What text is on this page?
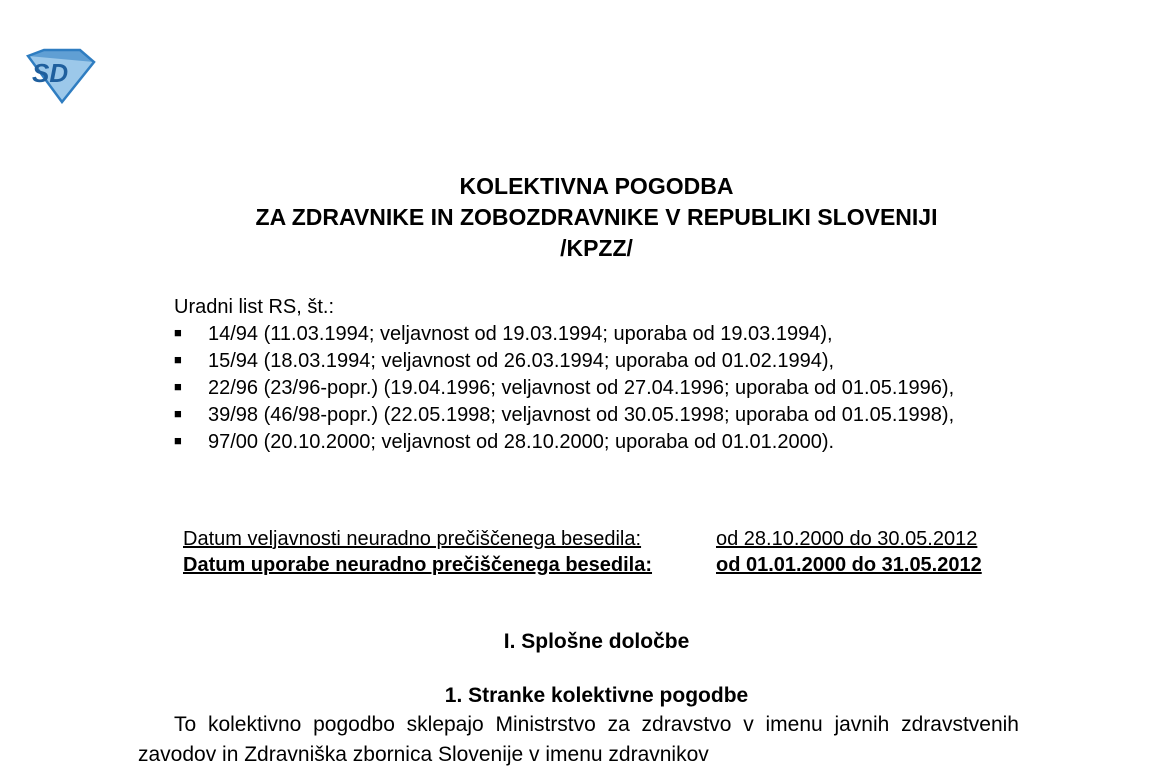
SD
KOLEKTIVNA POGODBA
ZA ZDRAVNIKE IN ZOBOZDRAVNIKE V REPUBLIKI SLOVENIJI
/KPZZ/
Uradni list RS, št.:
■ 14/94 (11.03.1994; veljavnost od 19.03.1994; uporaba od 19.03.1994),
■ 15/94 (18.03.1994; veljavnost od 26.03.1994; uporaba od 01.02.1994),
■ 22/96 (23/96-popr.) (19.04.1996; veljavnost od 27.04.1996; uporaba od 01.05.1996),
■ 39/98 (46/98-popr.) (22.05.1998; veljavnost od 30.05.1998; uporaba od 01.05.1998),
■ 97/00 (20.10.2000; veljavnost od 28.10.2000; uporaba od 01.01.2000).
Datum veljavnosti neuradno prečiščenega besedila:	od 28.10.2000 do 30.05.2012
Datum uporabe neuradno prečiščenega besedila:	od 01.01.2000 do 31.05.2012
I. Splošne določbe
1. Stranke kolektivne pogodbe
To kolektivno pogodbo sklepajo Ministrstvo za zdravstvo v imenu javnih zdravstvenih zavodov in Zdravniška zbornica Slovenije v imenu zdravnikov
